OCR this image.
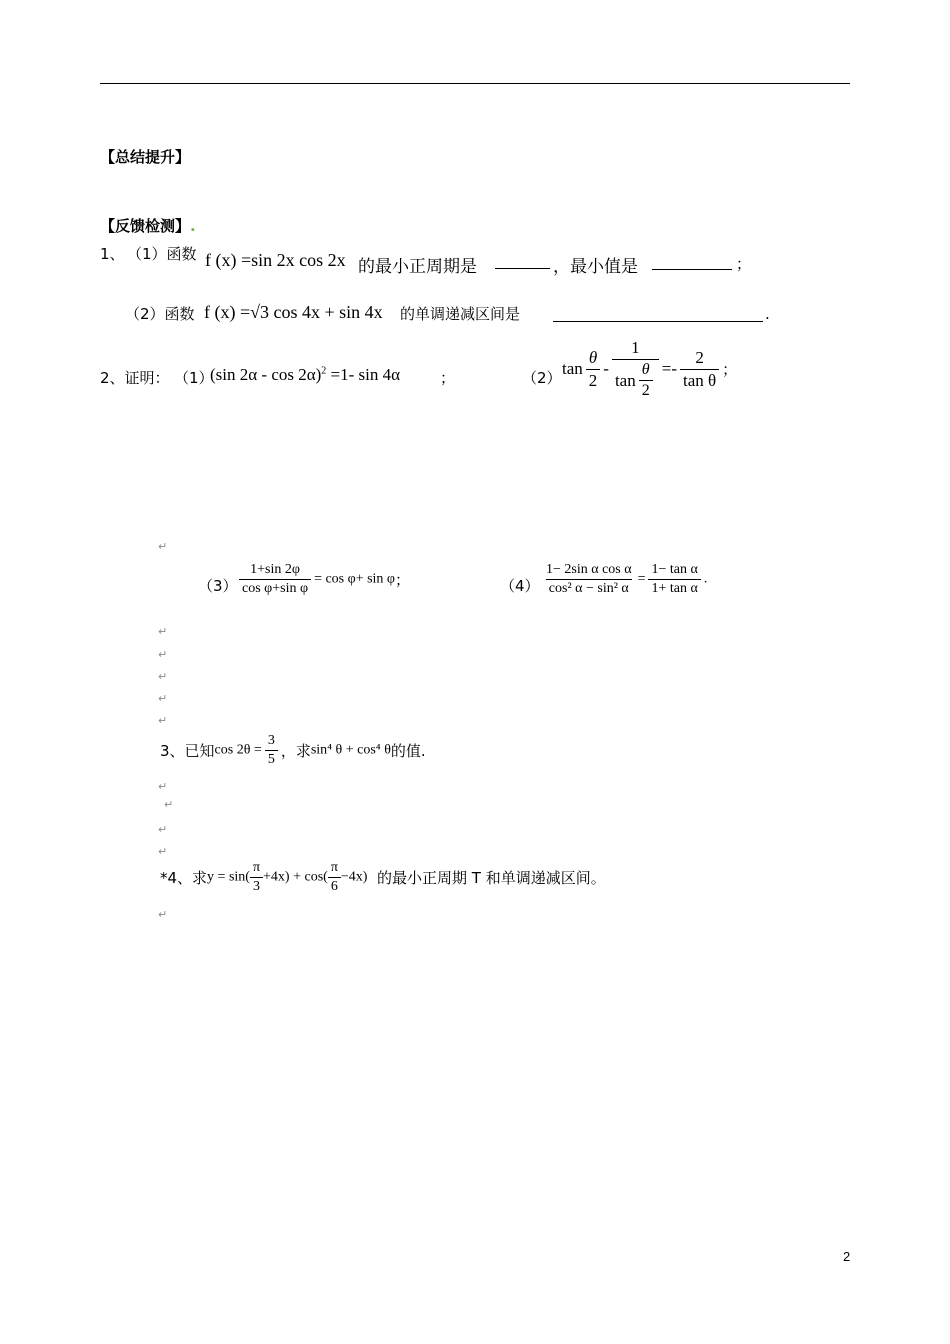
【总结提升】
【反馈检测】.
1、 （1）函数 f (x) =sin 2x cos 2x 的最小正周期是	，最小值是	；
（2）函数 f (x) =√3 cos 4x + sin 4x 的单调递减区间是	.
2、证明： （1）
(sin 2α - cos 2α)$^2$ =1- sin 4α	；	（2） $\tan \frac{\theta}{2} - \frac{1}{\tan \frac{\theta}{2}} =- \frac{2}{\text{tan θ}}$ ；
↵
$(3) \frac{1+\sin 2\varphi}{\text{cos φ+sin φ}} = \cos \varphi+ \sin \varphi$；	$(4) \frac{\text{1− 2sin α cos α}}{\text{cos² α − sin² α}} = \frac{\text{1− tan α}}{\text{1+ tan α}}$ .
↵
↵
↵
↵
↵
3、已知$\cos 2\theta = \frac{3}{5}$ ，求sin⁴ θ + cos⁴ θ的值.
↵
↵
↵
↵
*4、求$y = \sin( \frac{\pi}{3} +4x) + \cos( \frac{\pi}{6} -4x)$ 的最小正周期 T 和单调递减区间。
↵
2
